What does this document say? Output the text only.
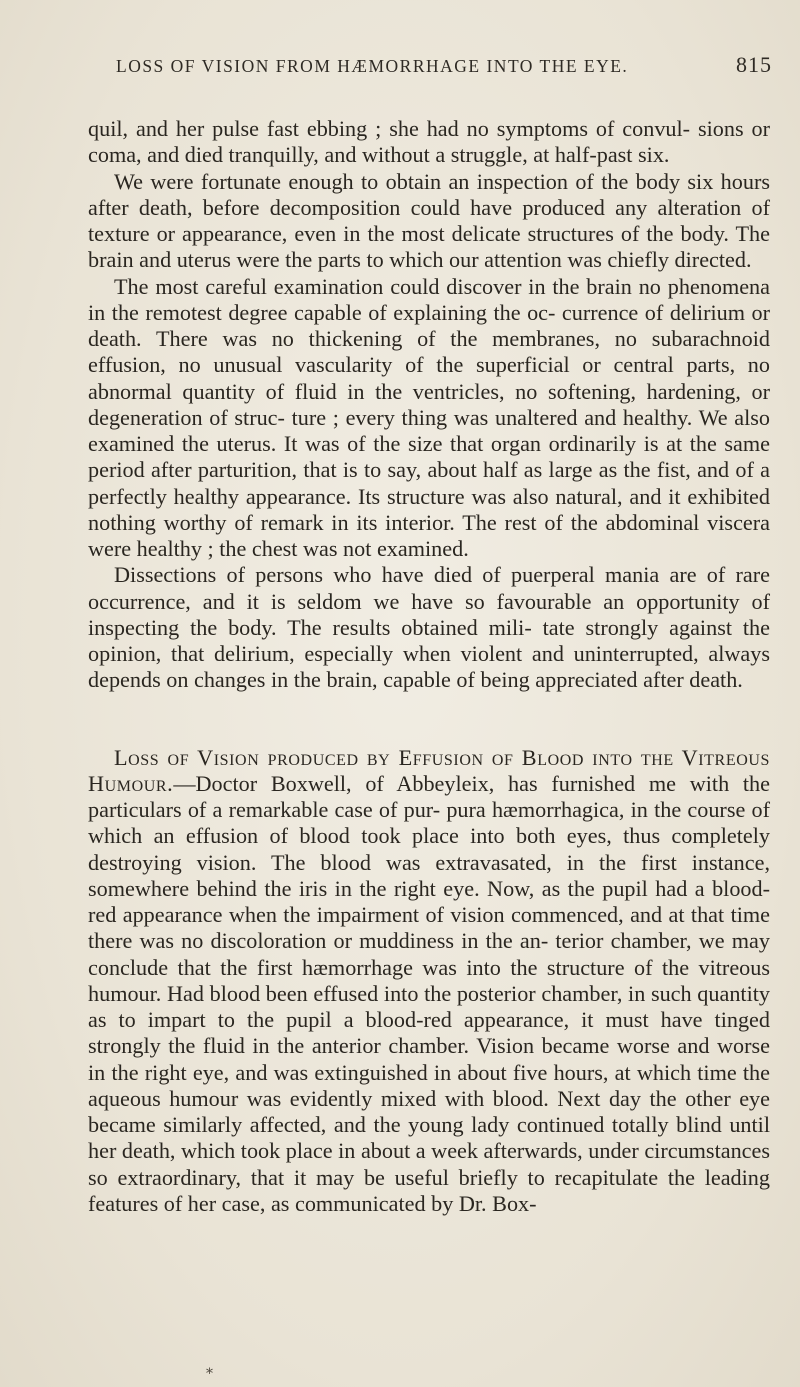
LOSS OF VISION FROM HÆMORRHAGE INTO THE EYE.	815

quil, and her pulse fast ebbing ; she had no symptoms of convul- sions or coma, and died tranquilly, and without a struggle, at half-past six.

We were fortunate enough to obtain an inspection of the body six hours after death, before decomposition could have produced any alteration of texture or appearance, even in the most delicate structures of the body. The brain and uterus were the parts to which our attention was chiefly directed.

The most careful examination could discover in the brain no phenomena in the remotest degree capable of explaining the oc- currence of delirium or death. There was no thickening of the membranes, no subarachnoid effusion, no unusual vascularity of the superficial or central parts, no abnormal quantity of fluid in the ventricles, no softening, hardening, or degeneration of struc- ture ; every thing was unaltered and healthy. We also examined the uterus. It was of the size that organ ordinarily is at the same period after parturition, that is to say, about half as large as the fist, and of a perfectly healthy appearance. Its structure was also natural, and it exhibited nothing worthy of remark in its interior. The rest of the abdominal viscera were healthy ; the chest was not examined.

Dissections of persons who have died of puerperal mania are of rare occurrence, and it is seldom we have so favourable an opportunity of inspecting the body. The results obtained mili- tate strongly against the opinion, that delirium, especially when violent and uninterrupted, always depends on changes in the brain, capable of being appreciated after death.

Loss of Vision produced by Effusion of Blood into the Vitreous Humour.—Doctor Boxwell, of Abbeyleix, has furnished me with the particulars of a remarkable case of pur- pura hæmorrhagica, in the course of which an effusion of blood took place into both eyes, thus completely destroying vision. The blood was extravasated, in the first instance, somewhere behind the iris in the right eye. Now, as the pupil had a blood- red appearance when the impairment of vision commenced, and at that time there was no discoloration or muddiness in the an- terior chamber, we may conclude that the first hæmorrhage was into the structure of the vitreous humour. Had blood been effused into the posterior chamber, in such quantity as to impart to the pupil a blood-red appearance, it must have tinged strongly the fluid in the anterior chamber. Vision became worse and worse in the right eye, and was extinguished in about five hours, at which time the aqueous humour was evidently mixed with blood. Next day the other eye became similarly affected, and the young lady continued totally blind until her death, which took place in about a week afterwards, under circumstances so extraordinary, that it may be useful briefly to recapitulate the leading features of her case, as communicated by Dr. Box-

*
